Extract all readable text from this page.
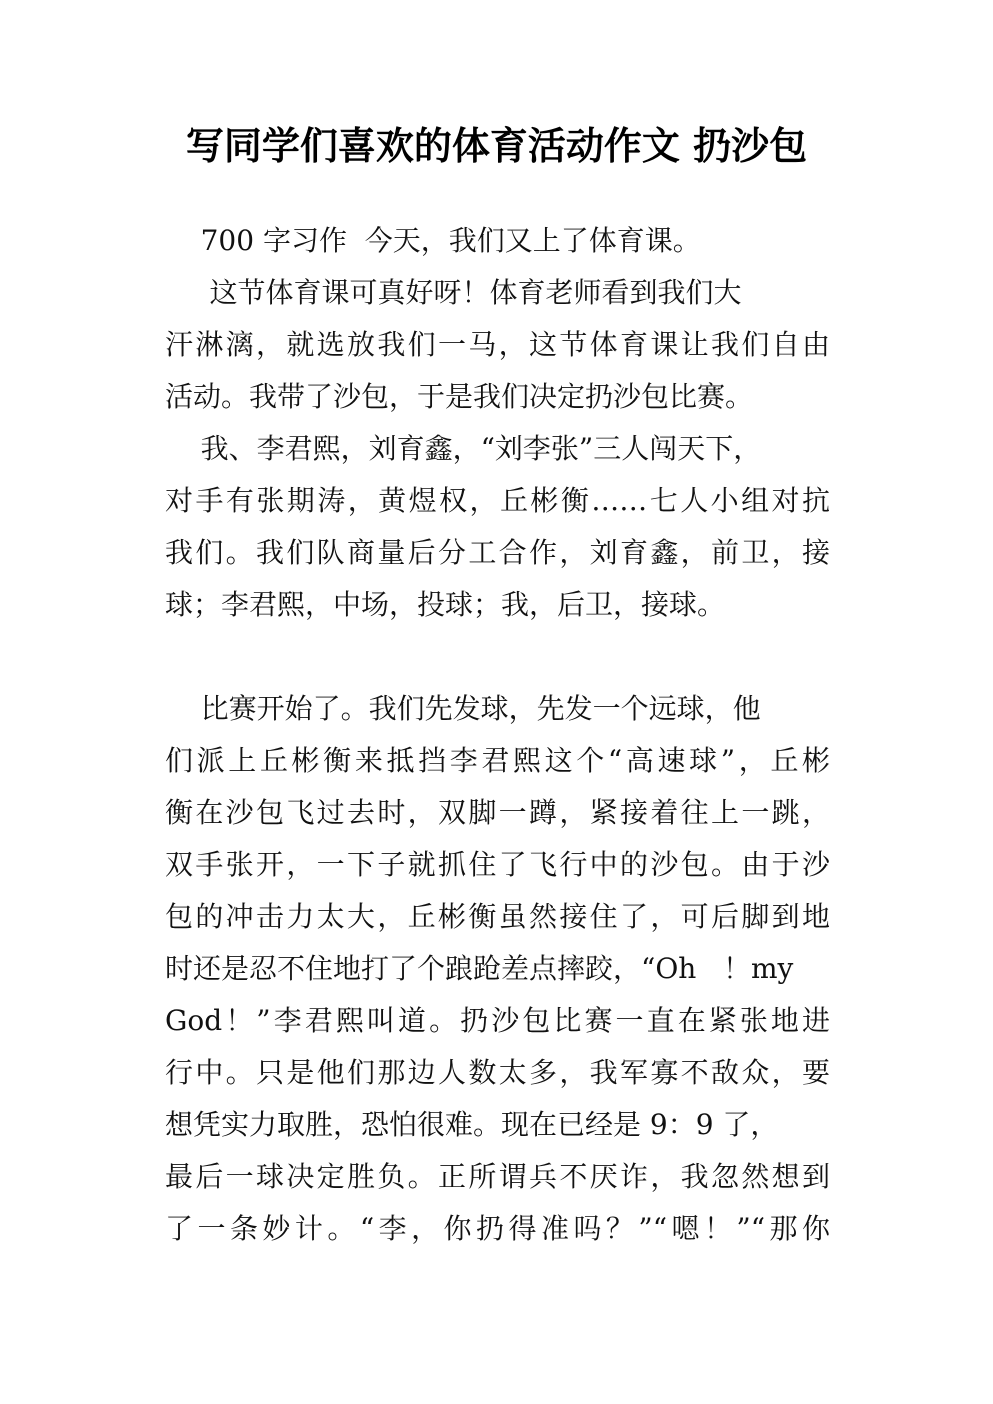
写同学们喜欢的体育活动作文 扔沙包
700 字习作  今天，我们又上了体育课。
这节体育课可真好呀！体育老师看到我们大
汗淋漓，就选放我们一马，这节体育课让我们自由
活动。我带了沙包，于是我们决定扔沙包比赛。
我、李君熙，刘育鑫，“刘李张”三人闯天下，
对手有张期涛，黄煜权，丘彬衡……七人小组对抗
我们。我们队商量后分工合作，刘育鑫，前卫，接
球；李君熙，中场，投球；我，后卫，接球。
比赛开始了。我们先发球，先发一个远球，他
们派上丘彬衡来抵挡李君熙这个“高速球”，丘彬
衡在沙包飞过去时，双脚一蹲，紧接着往上一跳，
双手张开，一下子就抓住了飞行中的沙包。由于沙
包的冲击力太大，丘彬衡虽然接住了，可后脚到地
时还是忍不住地打了个踉跄差点摔跤，“Oh   ！my
God！”李君熙叫道。扔沙包比赛一直在紧张地进
行中。只是他们那边人数太多，我军寡不敌众，要
想凭实力取胜，恐怕很难。现在已经是 9：9 了，
最后一球决定胜负。正所谓兵不厌诈，我忽然想到
了一条妙计。“李，你扔得准吗？”“嗯！”“那你
